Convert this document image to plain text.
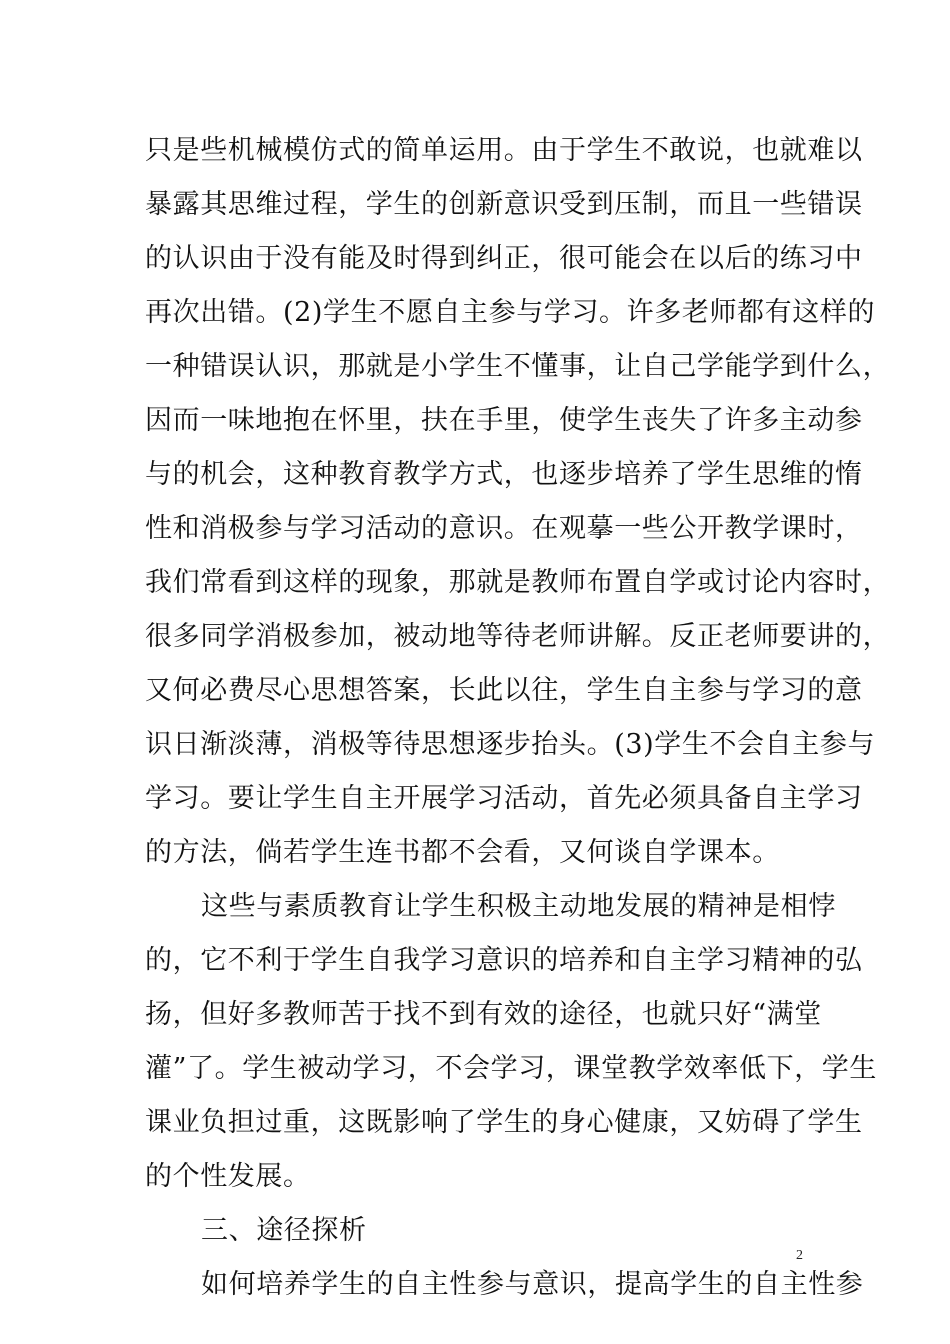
只是些机械模仿式的简单运用。由于学生不敢说，也就难以
暴露其思维过程，学生的创新意识受到压制，而且一些错误
的认识由于没有能及时得到纠正，很可能会在以后的练习中
再次出错。(2)学生不愿自主参与学习。许多老师都有这样的
一种错误认识，那就是小学生不懂事，让自己学能学到什么，
因而一味地抱在怀里，扶在手里，使学生丧失了许多主动参
与的机会，这种教育教学方式，也逐步培养了学生思维的惰
性和消极参与学习活动的意识。在观摹一些公开教学课时，
我们常看到这样的现象，那就是教师布置自学或讨论内容时，
很多同学消极参加，被动地等待老师讲解。反正老师要讲的，
又何必费尽心思想答案，长此以往，学生自主参与学习的意
识日渐淡薄，消极等待思想逐步抬头。(3)学生不会自主参与
学习。要让学生自主开展学习活动，首先必须具备自主学习
的方法，倘若学生连书都不会看，又何谈自学课本。
这些与素质教育让学生积极主动地发展的精神是相悖
的，它不利于学生自我学习意识的培养和自主学习精神的弘
扬，但好多教师苦于找不到有效的途径，也就只好“满堂
灌”了。学生被动学习，不会学习，课堂教学效率低下，学生
课业负担过重，这既影响了学生的身心健康，又妨碍了学生
的个性发展。
三、途径探析
如何培养学生的自主性参与意识，提高学生的自主性参
2
